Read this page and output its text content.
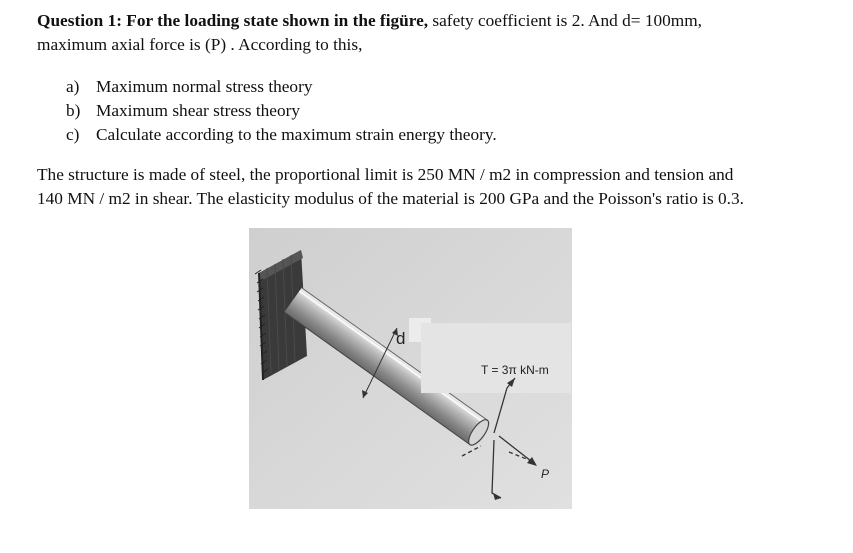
Question 1: For the loading state shown in the figüre, safety coefficient is 2. And d= 100mm,
maximum axial force is (P) . According to this,
a) Maximum normal stress theory
b) Maximum shear stress theory
c) Calculate according to the maximum strain energy theory.
The structure is made of steel, the proportional limit is 250 MN / m2 in compression and tension and
140 MN / m2 in shear. The elasticity modulus of the material is 200 GPa and the Poisson's ratio is 0.3.
d
T = 3π kN-m
P
